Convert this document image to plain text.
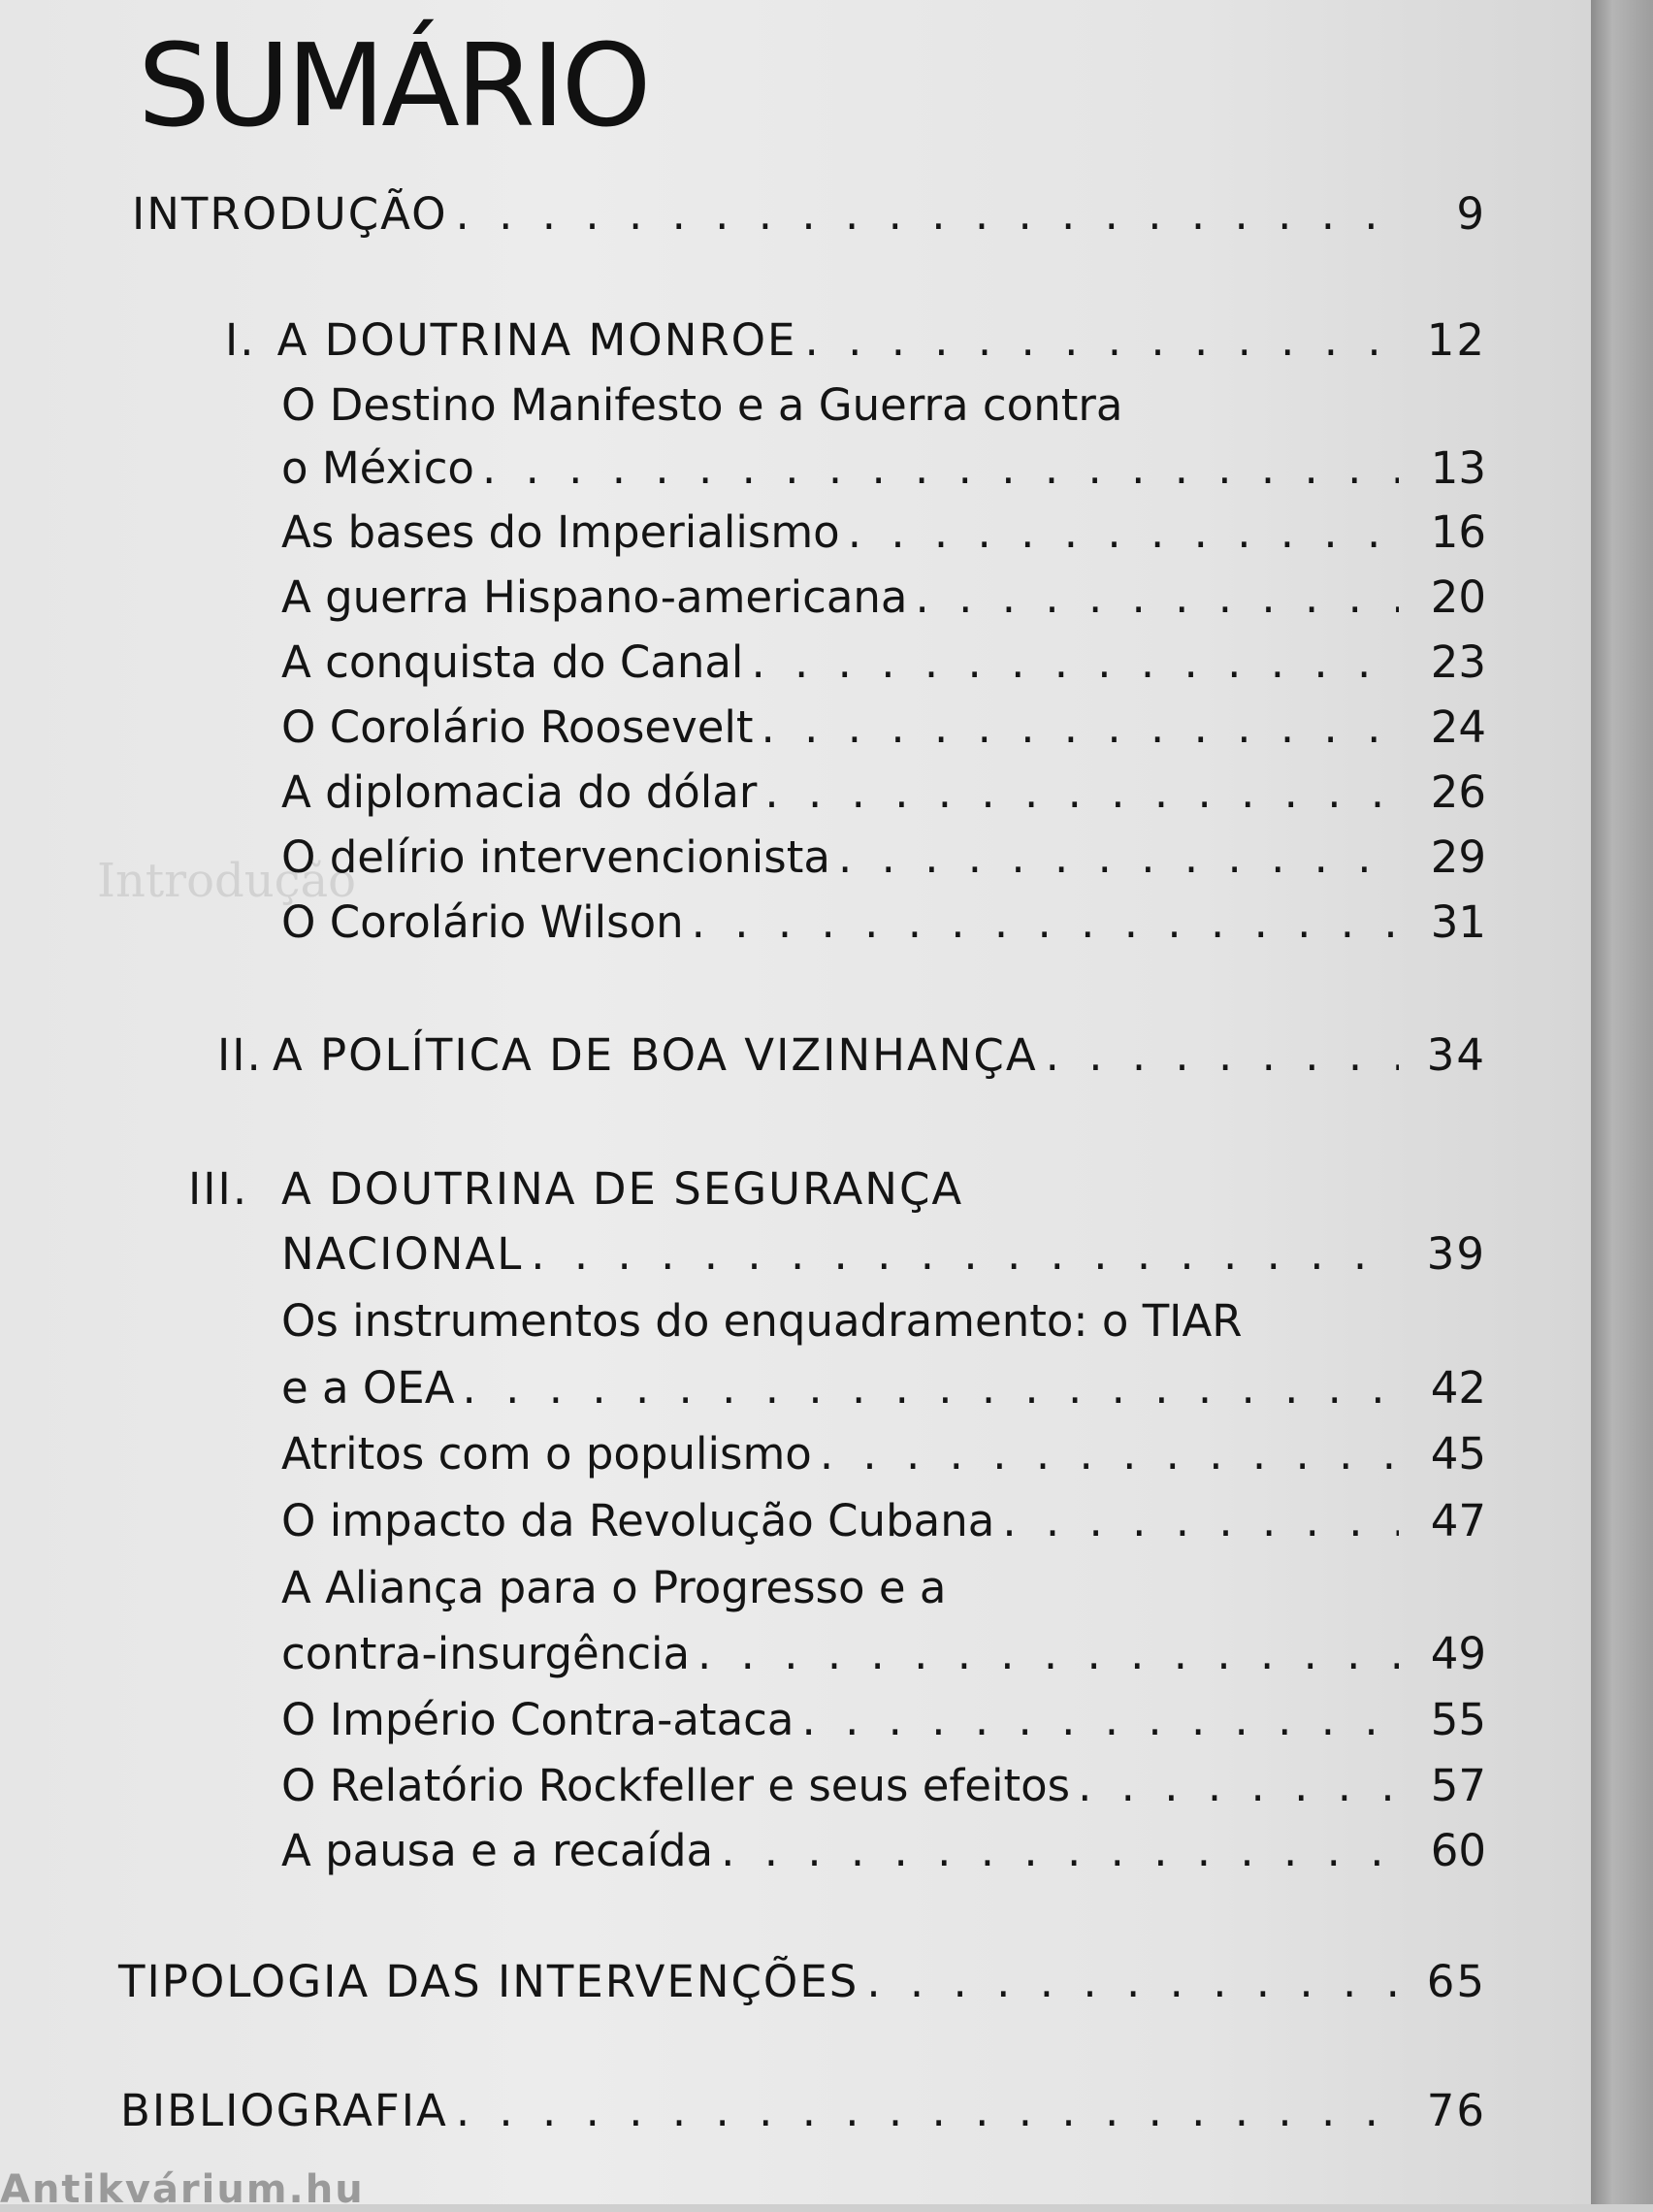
Introdução
SUMÁRIO
INTRODUÇÃO . . .	9
I. A DOUTRINA MONROE . . .	12
O Destino Manifesto e a Guerra contra
o México . . .	13
As bases do Imperialismo . . .	16
A guerra Hispano-americana . . .	20
A conquista do Canal . . .	23
O Corolário Roosevelt . . .	24
A diplomacia do dólar . . .	26
O delírio intervencionista . . .	29
O Corolário Wilson . . .	31
II. A POLÍTICA DE BOA VIZINHANÇA . . .	34
III. A DOUTRINA DE SEGURANÇA
NACIONAL . . .	39
Os instrumentos do enquadramento: o TIAR
e a OEA . . .	42
Atritos com o populismo . . .	45
O impacto da Revolução Cubana . . .	47
A Aliança para o Progresso e a
contra-insurgência . . .	49
O Império Contra-ataca . . .	55
O Relatório Rockfeller e seus efeitos . . .	57
A pausa e a recaída . . .	60
TIPOLOGIA DAS INTERVENÇÕES . . .	65
BIBLIOGRAFIA . . .	76
Antikvárium.hu
